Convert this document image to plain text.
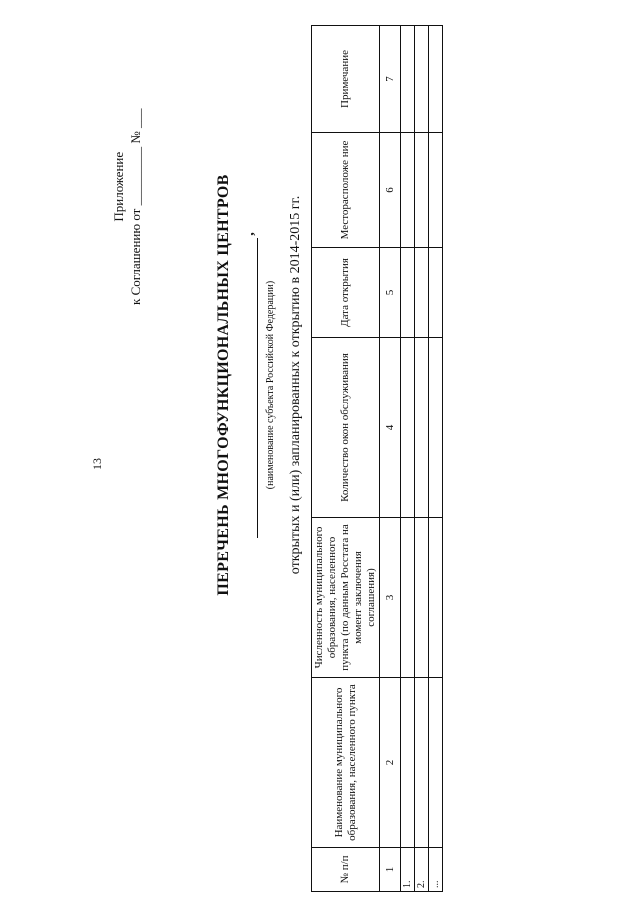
13
Приложение к Соглашению от _________ № ___	ПЕРЕЧЕНЬ МНОГОФУНКЦИОНАЛЬНЫХ ЦЕНТРОВ ,
(наименование субъекта Российской Федерации) открытых и (или) запланированных к открытию в 2014-2015 гг.
№ п/п	Наименование муниципального образования, населенного пункта	Численность муниципального образования, населенного пункта (по данным Росстата на момент заключения соглашения)	Количество окон обслуживания	Дата открытия	Месторасположе ние	Примечание
1	2	3	4	5	6	7
1.						
2.						
...						
